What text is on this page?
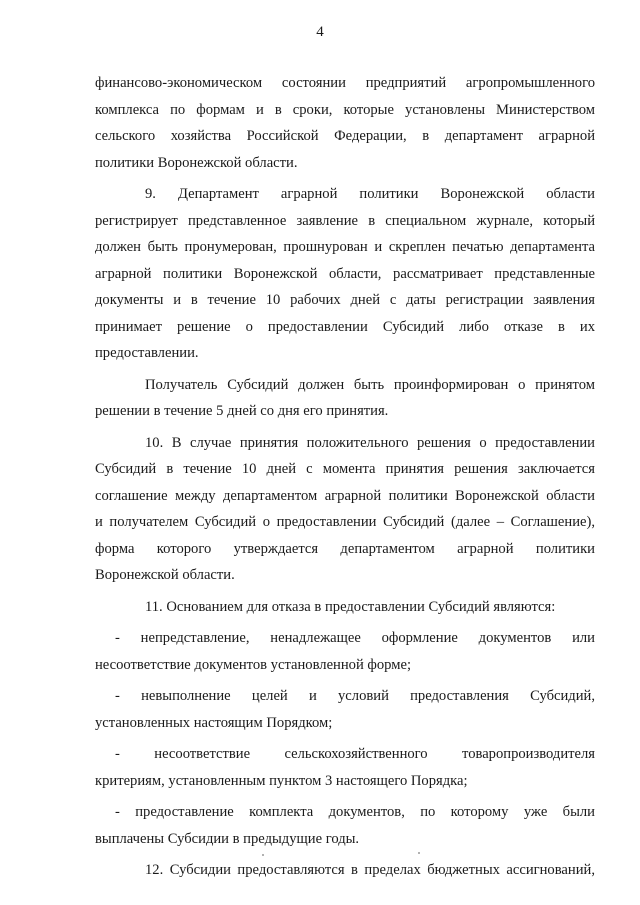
4
финансово-экономическом состоянии предприятий агропромышленного
комплекса по формам и в сроки, которые установлены Министерством
сельского хозяйства Российской Федерации, в департамент аграрной
политики Воронежской области.
9. Департамент аграрной политики Воронежской области
регистрирует представленное заявление в специальном журнале, который
должен быть пронумерован, прошнурован и скреплен печатью департамента
аграрной политики Воронежской области, рассматривает представленные
документы и в течение 10 рабочих дней с даты регистрации заявления
принимает решение о предоставлении Субсидий либо отказе в их
предоставлении.
Получатель Субсидий должен быть проинформирован о принятом
решении в течение 5 дней со дня его принятия.
10. В случае принятия положительного решения о предоставлении
Субсидий в течение 10 дней с момента принятия решения заключается
соглашение между департаментом аграрной политики Воронежской области
и получателем Субсидий о предоставлении Субсидий (далее – Соглашение),
форма которого утверждается департаментом аграрной политики
Воронежской области.
11. Основанием для отказа в предоставлении Субсидий являются:
- непредставление, ненадлежащее оформление документов или
несоответствие документов установленной форме;
- невыполнение целей и условий предоставления Субсидий,
установленных настоящим Порядком;
- несоответствие сельскохозяйственного товаропроизводителя
критериям, установленным пунктом 3 настоящего Порядка;
- предоставление комплекта документов, по которому уже были
выплачены Субсидии в предыдущие годы.
12. Субсидии предоставляются в пределах бюджетных ассигнований,
